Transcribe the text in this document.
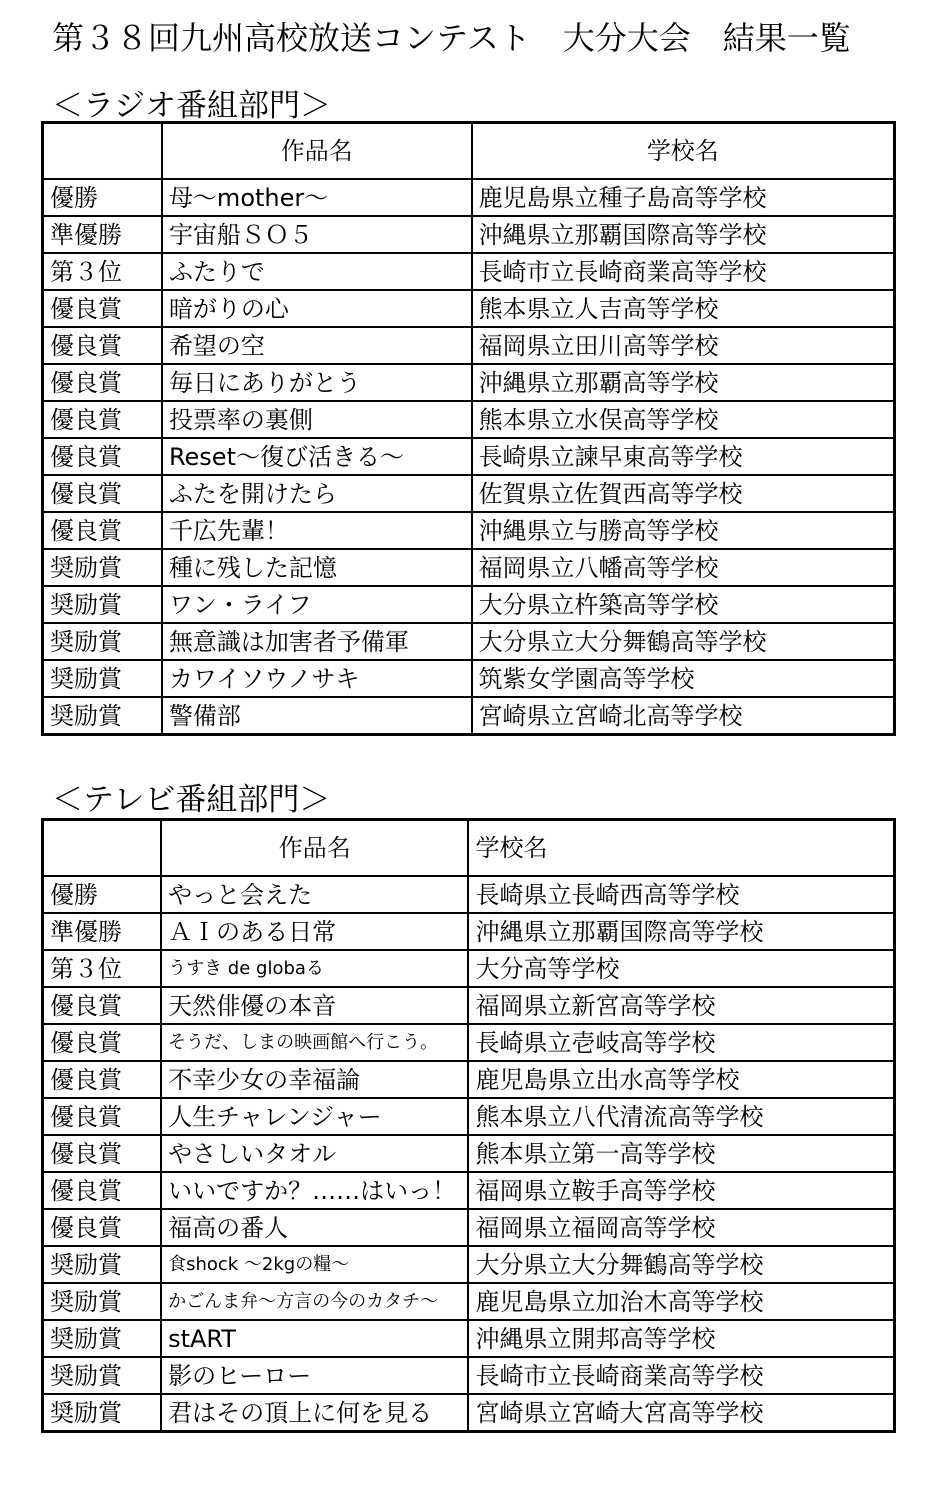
第３８回九州高校放送コンテスト　大分大会　結果一覧
＜ラジオ番組部門＞
	作品名	学校名
優勝	母～mother～	鹿児島県立種子島高等学校
準優勝	宇宙船ＳＯ５	沖縄県立那覇国際高等学校
第３位	ふたりで	長崎市立長崎商業高等学校
優良賞	暗がりの心	熊本県立人吉高等学校
優良賞	希望の空	福岡県立田川高等学校
優良賞	毎日にありがとう	沖縄県立那覇高等学校
優良賞	投票率の裏側	熊本県立水俣高等学校
優良賞	Reset～復び活きる～	長崎県立諫早東高等学校
優良賞	ふたを開けたら	佐賀県立佐賀西高等学校
優良賞	千広先輩！	沖縄県立与勝高等学校
奨励賞	種に残した記憶	福岡県立八幡高等学校
奨励賞	ワン・ライフ	大分県立杵築高等学校
奨励賞	無意識は加害者予備軍	大分県立大分舞鶴高等学校
奨励賞	カワイソウノサキ	筑紫女学園高等学校
奨励賞	警備部	宮崎県立宮崎北高等学校
＜テレビ番組部門＞
	作品名	学校名
優勝	やっと会えた	長崎県立長崎西高等学校
準優勝	ＡＩのある日常	沖縄県立那覇国際高等学校
第３位	うすき de globaる	大分高等学校
優良賞	天然俳優の本音	福岡県立新宮高等学校
優良賞	そうだ、しまの映画館へ行こう。	長崎県立壱岐高等学校
優良賞	不幸少女の幸福論	鹿児島県立出水高等学校
優良賞	人生チャレンジャー	熊本県立八代清流高等学校
優良賞	やさしいタオル	熊本県立第一高等学校
優良賞	いいですか？……はいっ！	福岡県立鞍手高等学校
優良賞	福高の番人	福岡県立福岡高等学校
奨励賞	食shock ～2kgの糧～	大分県立大分舞鶴高等学校
奨励賞	かごんま弁～方言の今のカタチ～	鹿児島県立加治木高等学校
奨励賞	stART	沖縄県立開邦高等学校
奨励賞	影のヒーロー	長崎市立長崎商業高等学校
奨励賞	君はその頂上に何を見る	宮崎県立宮崎大宮高等学校
